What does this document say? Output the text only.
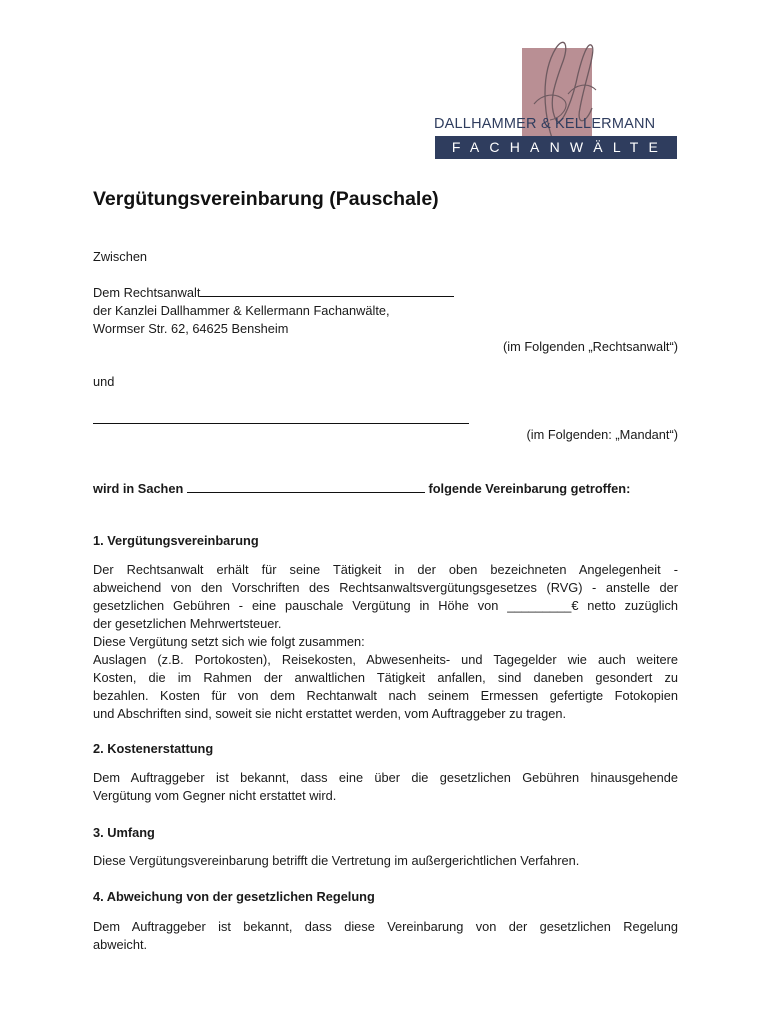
DALLHAMMER & KELLERMANN
FACHANWÄLTE
Vergütungsvereinbarung (Pauschale)
Zwischen
Dem Rechtsanwalt
der Kanzlei Dallhammer & Kellermann Fachanwälte,
Wormser Str. 62, 64625 Bensheim
(im Folgenden „Rechtsanwalt“)
und
(im Folgenden: „Mandant“)
wird in Sachen	folgende Vereinbarung getroffen:
1. Vergütungsvereinbarung
Der Rechtsanwalt erhält für seine Tätigkeit in der oben bezeichneten Angelegenheit -
abweichend von den Vorschriften des Rechtsanwaltsvergütungsgesetzes (RVG) - anstelle der
gesetzlichen Gebühren - eine pauschale Vergütung in Höhe von _________€ netto zuzüglich
der gesetzlichen Mehrwertsteuer.
Diese Vergütung setzt sich wie folgt zusammen:
Auslagen (z.B. Portokosten), Reisekosten, Abwesenheits- und Tagegelder wie auch weitere
Kosten, die im Rahmen der anwaltlichen Tätigkeit anfallen, sind daneben gesondert zu
bezahlen. Kosten für von dem Rechtanwalt nach seinem Ermessen gefertigte Fotokopien
und Abschriften sind, soweit sie nicht erstattet werden, vom Auftraggeber zu tragen.
2. Kostenerstattung
Dem Auftraggeber ist bekannt, dass eine über die gesetzlichen Gebühren hinausgehende
Vergütung vom Gegner nicht erstattet wird.
3. Umfang
Diese Vergütungsvereinbarung betrifft die Vertretung im außergerichtlichen Verfahren.
4. Abweichung von der gesetzlichen Regelung
Dem Auftraggeber ist bekannt, dass diese Vereinbarung von der gesetzlichen Regelung
abweicht.
